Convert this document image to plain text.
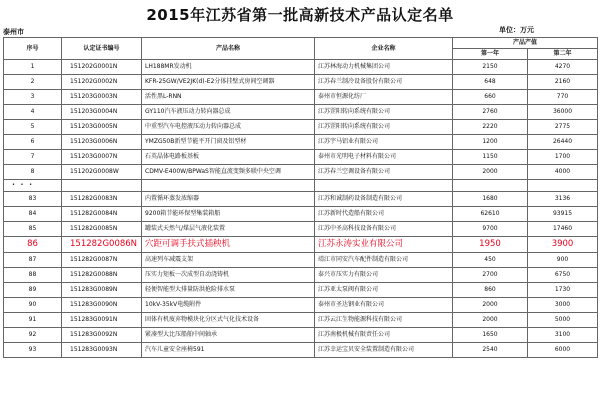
2015年江苏省第一批高新技术产品认定名单
单位：万元
泰州市
序号	认定证书编号	产品名称	企业名称	产品产值	
				第一年	第二年
1	151202G0001N	LH188MR发动机	江苏林海动力机械集团公司	2150	4270
2	151202G0002N	KFR-25GW/VE2JK(d)-E2分体挂壁式房间空调器	江苏春兰制冷设备股份有限公司	648	2160
3	151203G0003N	活性黑L-RNN	泰州市恒源化纺厂	660	770
4	151203G0004N	GY110汽车液压动力转向器总成	江苏罡阳转向系统有限公司	2760	36000
5	151203G0005N	中重型汽车电控液压动力转向器总成	江苏罡阳转向系统有限公司	2220	2775
6	151203G0006N	YMZG50B新型节能平开门窗及铝型材	江苏宇马铝业有限公司	1200	26440
7	151203G0007N	石英晶体电路板基板	泰州市光明电子材料有限公司	1150	1700
8	151202G0008W	CDMV-E400W/BPWaS智能直流变频多联中央空调	江苏春兰空调设备有限公司	2000	4000
• • •					
83	151282G0083N	内置循环蒸发浓缩器	江苏和诚制药设备制造有限公司	1680	3136
84	151282G0084N	9200箱节能环保型集装箱船	江苏新时代造船有限公司	62610	93915
85	151282G0085N	罐装式天然气/煤层气液化装置	江苏中圣高科技设备有限公司	9700	17460
86	151282G0086N	穴距可调手扶式插秧机	江苏永涛实业有限公司	1950	3900
87	151282G0087N	高速列车减震支架	靖江市同安汽车配件制造有限公司	450	900
88	151282G0088N	压实力矩板一次成型自动浇铸机	泰兴市压实力有限公司	2700	6750
89	151283G0089N	轻便智能型大排量防洪抢险排水泵	江苏亚太泵阀有限公司	860	1730
90	151283G0090N	10kV-35kV电缆附件	泰州市圣达钢业有限公司	2000	3000
91	151283G0091N	固体有机废弃物模块化分区式气化技术设备	江苏云江生物能源科技有限公司	2000	5000
92	151283G0092N	紧凑型大比压船舶中间轴承	江苏南极机械有限责任公司	1650	3100
93	151283G0093N	汽车儿童安全座椅591	江苏幸运宝贝安全装置制造有限公司	2540	6000
